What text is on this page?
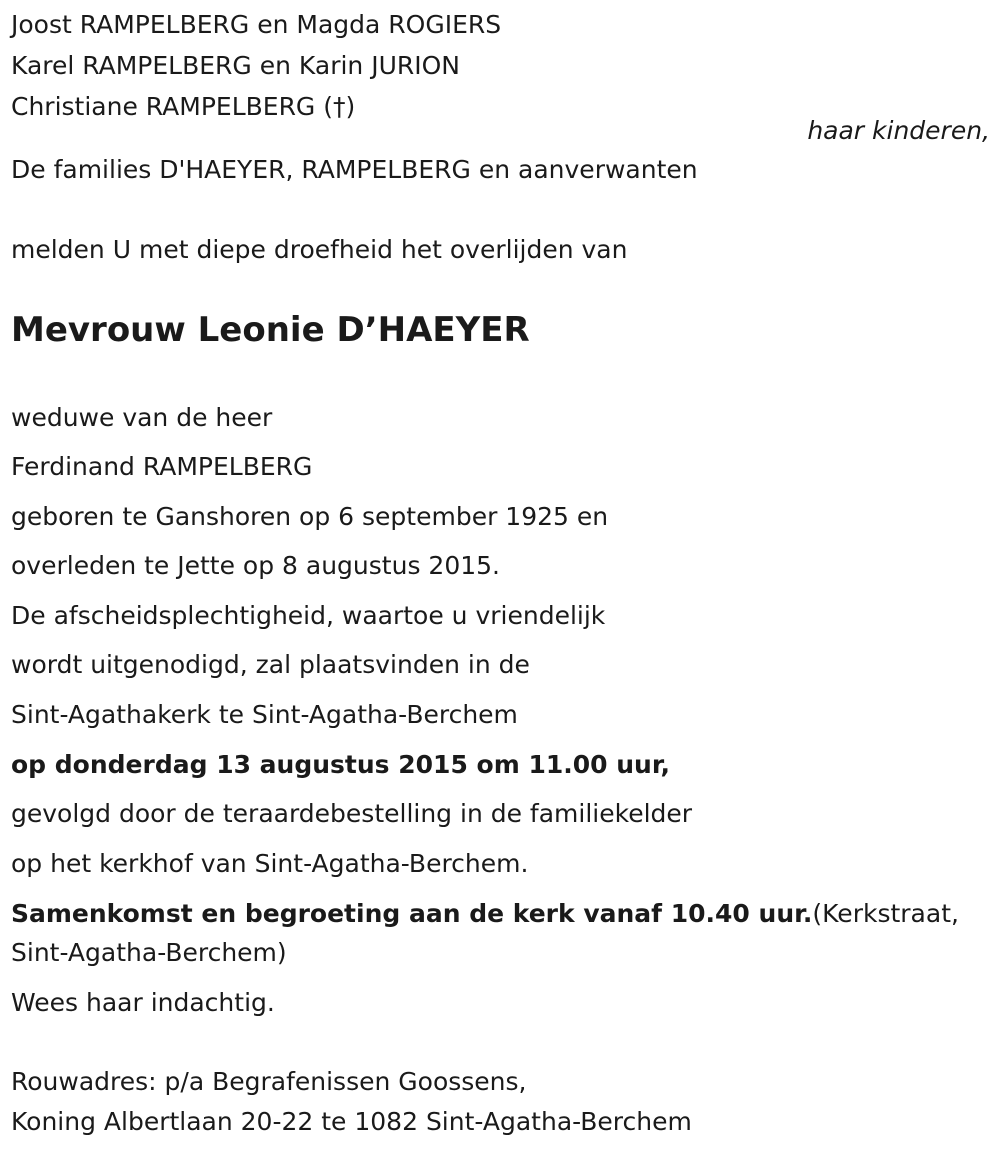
Joost RAMPELBERG en Magda ROGIERS
Karel RAMPELBERG en Karin JURION
Christiane RAMPELBERG (†)
haar kinderen,
De families D'HAEYER, RAMPELBERG en aanverwanten
melden U met diepe droefheid het overlijden van
Mevrouw Leonie D’HAEYER
weduwe van de heer
Ferdinand RAMPELBERG
geboren te Ganshoren op 6 september 1925 en
overleden te Jette op 8 augustus 2015.
De afscheidsplechtigheid, waartoe u vriendelijk
wordt uitgenodigd, zal plaatsvinden in de
Sint-Agathakerk te Sint-Agatha-Berchem
op donderdag 13 augustus 2015 om 11.00 uur,
gevolgd door de teraardebestelling in de familiekelder
op het kerkhof van Sint-Agatha-Berchem.
Samenkomst en begroeting aan de kerk vanaf 10.40 uur.(Kerkstraat,
Sint-Agatha-Berchem)
Wees haar indachtig.
Rouwadres: p/a Begrafenissen Goossens,
Koning Albertlaan 20-22 te 1082 Sint-Agatha-Berchem
